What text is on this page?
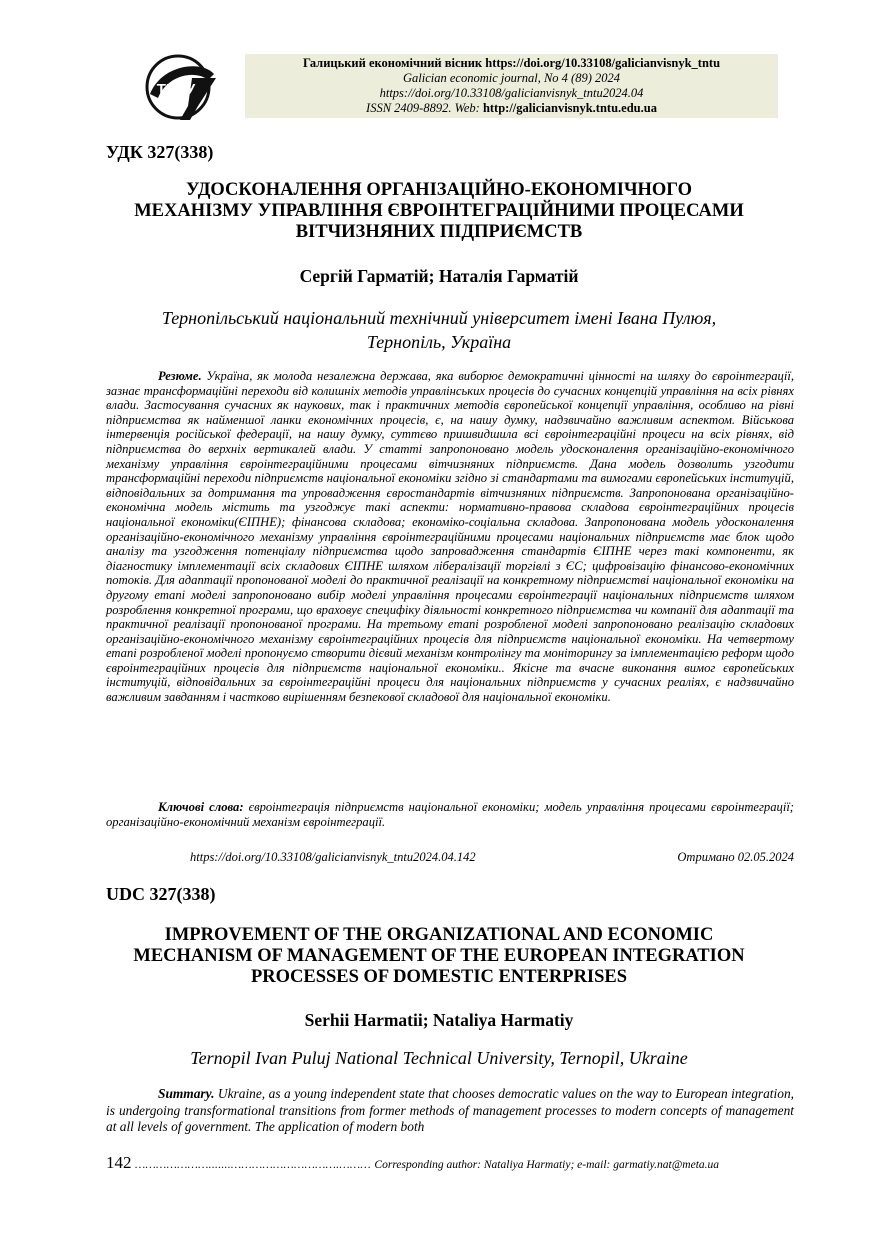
ТНТУ
Галицький економічний вісник https://doi.org/10.33108/galicianvisnyk_tntu
Galician economic journal, No 4 (89) 2024
https://doi.org/10.33108/galicianvisnyk_tntu2024.04
ISSN 2409-8892. Web: http://galicianvisnyk.tntu.edu.ua
УДК 327(338)
УДОСКОНАЛЕННЯ ОРГАНІЗАЦІЙНО-ЕКОНОМІЧНОГО
МЕХАНІЗМУ УПРАВЛІННЯ ЄВРОІНТЕГРАЦІЙНИМИ ПРОЦЕСАМИ
ВІТЧИЗНЯНИХ ПІДПРИЄМСТВ
Сергій Гарматій; Наталія Гарматій
Тернопільський національний технічний університет імені Івана Пулюя,
Тернопіль, Україна
Резюме. Україна, як молода незалежна держава, яка виборює демократичні цінності на шляху до євроінтеграції, зазнає трансформаційні переходи від колишніх методів управлінських процесів до сучасних концепцій управління на всіх рівнях влади. Застосування сучасних як наукових, так і практичних методів європейської концепції управління, особливо на рівні підприємства як найменшої ланки економічних процесів, є, на нашу думку, надзвичайно важливим аспектом. Військова інтервенція російської федерації, на нашу думку, суттєво пришвидшила всі євроінтеграційні процеси на всіх рівнях, від підприємства до верхніх вертикалей влади. У статті запропоновано модель удосконалення організаційно-економічного механізму управління євроінтеграційними процесами вітчизняних підприємств. Дана модель дозволить узгодити трансформаційні переходи підприємств національної економіки згідно зі стандартами та вимогами європейських інституцій, відповідальних за дотримання та упровадження євростандартів вітчизняних підприємств. Запропонована організаційно-економічна модель містить та узгоджує такі аспекти: нормативно-правова складова євроінтеграційних процесів національної економіки(ЄІПНЕ); фінансова складова; економіко-соціальна складова. Запропонована модель удосконалення організаційно-економічного механізму управління євроінтеграційними процесами національних підприємств має блок щодо аналізу та узгодження потенціалу підприємства щодо запровадження стандартів ЄІПНЕ через такі компоненти, як діагностику імплементації всіх складових ЄІПНЕ шляхом лібералізації торгівлі з ЄС; цифровізацію фінансово-економічних потоків. Для адаптації пропонованої моделі до практичної реалізації на конкретному підприємстві національної економіки на другому етапі моделі запропоновано вибір моделі управління процесами євроінтеграції національних підприємств шляхом розроблення конкретної програми, що враховує специфіку діяльності конкретного підприємства чи компанії для адаптації та практичної реалізації пропонованої програми. На третьому етапі розробленої моделі запропоновано реалізацію складових організаційно-економічного механізму євроінтеграційних процесів для підприємств національної економіки. На четвертому етапі розробленої моделі пропонуємо створити дієвий механізм контролінгу та моніторингу за імплементацією реформ щодо євроінтеграційних процесів для підприємств національної економіки.. Якісне та вчасне виконання вимог європейських інституцій, відповідальних за євроінтеграційні процеси для національних підприємств у сучасних реаліях, є надзвичайно важливим завданням і частково вирішенням безпекової складової для національної економіки.
Ключові слова: євроінтеграція підприємств національної економіки; модель управління процесами євроінтеграції; організаційно-економічний механізм євроінтеграції.
https://doi.org/10.33108/galicianvisnyk_tntu2024.04.142	Отримано 02.05.2024
UDC 327(338)
IMPROVEMENT OF THE ORGANIZATIONAL AND ECONOMIC
MECHANISM OF MANAGEMENT OF THE EUROPEAN INTEGRATION
PROCESSES OF DOMESTIC ENTERPRISES
Serhii Harmatii; Nataliya Harmatiy
Ternopil Ivan Puluj National Technical University, Ternopil, Ukraine
Summary. Ukraine, as a young independent state that chooses democratic values on the way to European integration, is undergoing transformational transitions from former methods of management processes to modern concepts of management at all levels of government. The application of modern both
142 ………………….......………………………….……… Corresponding author: Nataliya Harmatiy; e-mail: garmatiy.nat@meta.ua
